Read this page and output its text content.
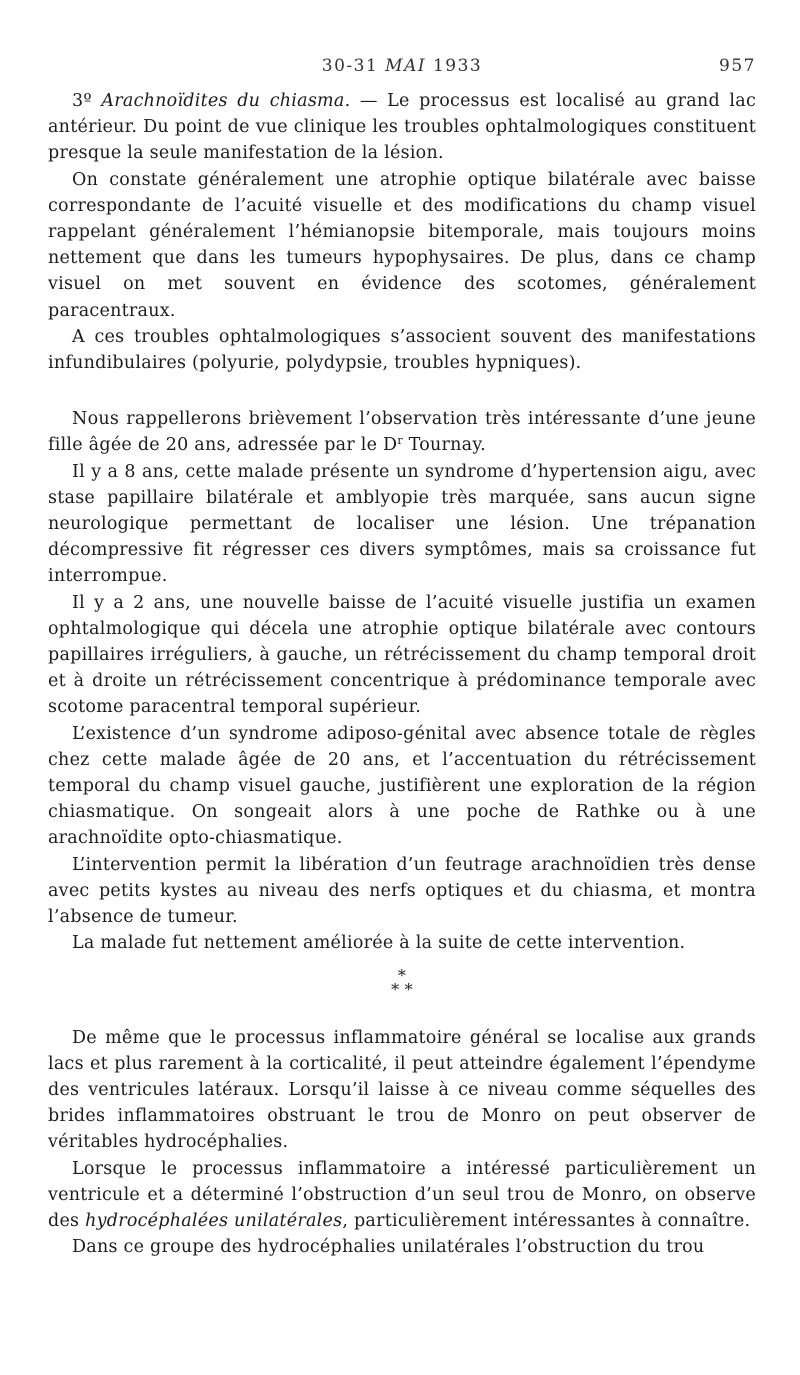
30-31 MAI 1933	957

3º Arachnoïdites du chiasma. — Le processus est localisé au grand lac antérieur. Du point de vue clinique les troubles ophtalmologiques constituent presque la seule manifestation de la lésion.

On constate généralement une atrophie optique bilatérale avec baisse correspondante de l’acuité visuelle et des modifications du champ visuel rappelant généralement l’hémianopsie bitemporale, mais toujours moins nettement que dans les tumeurs hypophysaires. De plus, dans ce champ visuel on met souvent en évidence des scotomes, généralement paracentraux.

A ces troubles ophtalmologiques s’associent souvent des manifestations infundibulaires (polyurie, polydypsie, troubles hypniques).

Nous rappellerons brièvement l’observation très intéressante d’une jeune fille âgée de 20 ans, adressée par le $D^r$ Tournay.

Il y a 8 ans, cette malade présente un syndrome d’hypertension aigu, avec stase papillaire bilatérale et amblyopie très marquée, sans aucun signe neurologique permettant de localiser une lésion. Une trépanation décompressive fit régresser ces divers symptômes, mais sa croissance fut interrompue.

Il y a 2 ans, une nouvelle baisse de l’acuité visuelle justifia un examen ophtalmologique qui décela une atrophie optique bilatérale avec contours papillaires irréguliers, à gauche, un rétrécissement du champ temporal droit et à droite un rétrécissement concentrique à prédominance temporale avec scotome paracentral temporal supérieur.

L’existence d’un syndrome adiposo-génital avec absence totale de règles chez cette malade âgée de 20 ans, et l’accentuation du rétrécissement temporal du champ visuel gauche, justifièrent une exploration de la région chiasmatique. On songeait alors à une poche de Rathke ou à une arachnoïdite opto-chiasmatique.

L’intervention permit la libération d’un feutrage arachnoïdien très dense avec petits kystes au niveau des nerfs optiques et du chiasma, et montra l’absence de tumeur.

La malade fut nettement améliorée à la suite de cette intervention.

*
* *

De même que le processus inflammatoire général se localise aux grands lacs et plus rarement à la corticalité, il peut atteindre également l’épendyme des ventricules latéraux. Lorsqu’il laisse à ce niveau comme séquelles des brides inflammatoires obstruant le trou de Monro on peut observer de véritables hydrocéphalies.

Lorsque le processus inflammatoire a intéressé particulièrement un ventricule et a déterminé l’obstruction d’un seul trou de Monro, on observe des hydrocéphalées unilatérales, particulièrement intéressantes à connaître.

Dans ce groupe des hydrocéphalies unilatérales l’obstruction du trou
